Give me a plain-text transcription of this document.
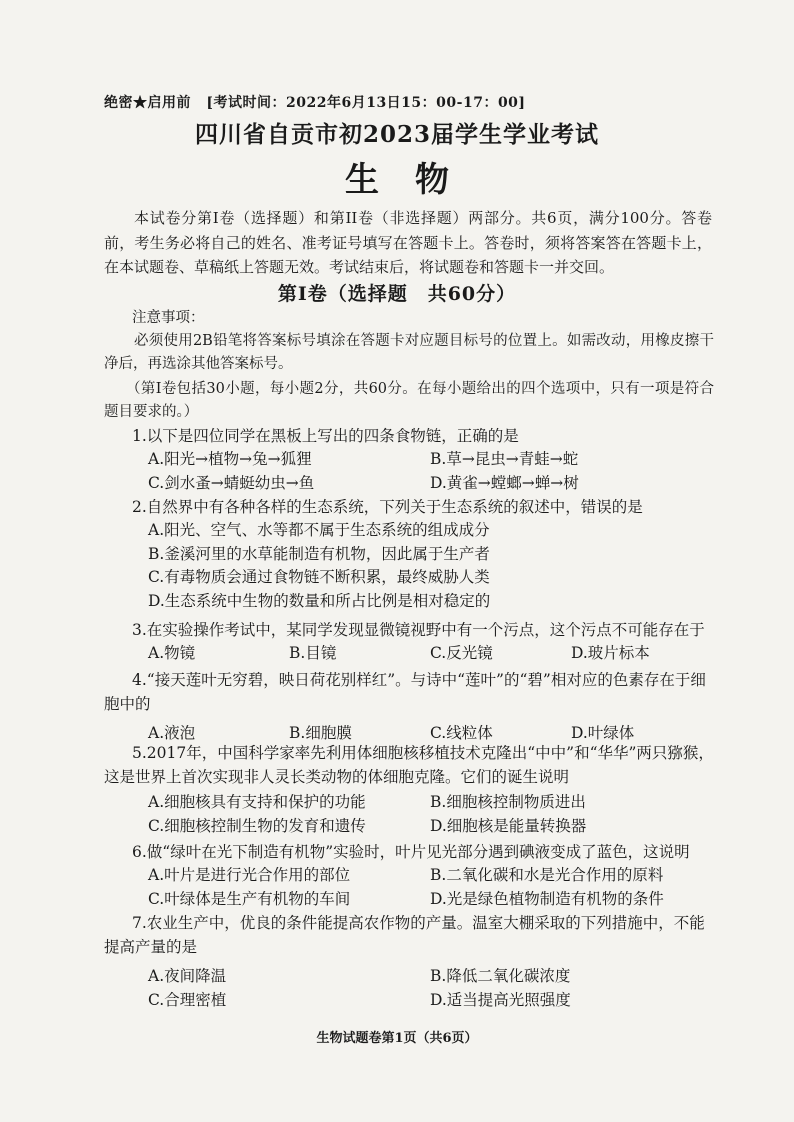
绝密★启用前 [考试时间：2022年6月13日15：00-17：00]
四川省自贡市初2023届学生学业考试
生物
本试卷分第I卷（选择题）和第II卷（非选择题）两部分。共6页，满分100分。答卷前，考生务必将自己的姓名、准考证号填写在答题卡上。答卷时，须将答案答在答题卡上，在本试题卷、草稿纸上答题无效。考试结束后，将试题卷和答题卡一并交回。
第I卷（选择题　共60分）
注意事项：
必须使用2B铅笔将答案标号填涂在答题卡对应题目标号的位置上。如需改动，用橡皮擦干净后，再选涂其他答案标号。
（第I卷包括30小题，每小题2分，共60分。在每小题给出的四个选项中，只有一项是符合题目要求的。）
1.以下是四位同学在黑板上写出的四条食物链，正确的是
A.阳光→植物→兔→狐狸	B.草→昆虫→青蛙→蛇
C.剑水蚤→蜻蜓幼虫→鱼	D.黄雀→螳螂→蝉→树
2.自然界中有各种各样的生态系统，下列关于生态系统的叙述中，错误的是
A.阳光、空气、水等都不属于生态系统的组成成分
B.釜溪河里的水草能制造有机物，因此属于生产者
C.有毒物质会通过食物链不断积累，最终威胁人类
D.生态系统中生物的数量和所占比例是相对稳定的
3.在实验操作考试中，某同学发现显微镜视野中有一个污点，这个污点不可能存在于
A.物镜	B.目镜	C.反光镜	D.玻片标本
4.“接天莲叶无穷碧，映日荷花别样红”。与诗中“莲叶”的“碧”相对应的色素存在于细胞中的
A.液泡	B.细胞膜	C.线粒体	D.叶绿体
5.2017年，中国科学家率先利用体细胞核移植技术克隆出“中中”和“华华”两只猕猴，这是世界上首次实现非人灵长类动物的体细胞克隆。它们的诞生说明
A.细胞核具有支持和保护的功能	B.细胞核控制物质进出
C.细胞核控制生物的发育和遗传	D.细胞核是能量转换器
6.做“绿叶在光下制造有机物”实验时，叶片见光部分遇到碘液变成了蓝色，这说明
A.叶片是进行光合作用的部位	B.二氧化碳和水是光合作用的原料
C.叶绿体是生产有机物的车间	D.光是绿色植物制造有机物的条件
7.农业生产中，优良的条件能提高农作物的产量。温室大棚采取的下列措施中，不能提高产量的是
A.夜间降温	B.降低二氧化碳浓度
C.合理密植	D.适当提高光照强度
生物试题卷第1页（共6页）
